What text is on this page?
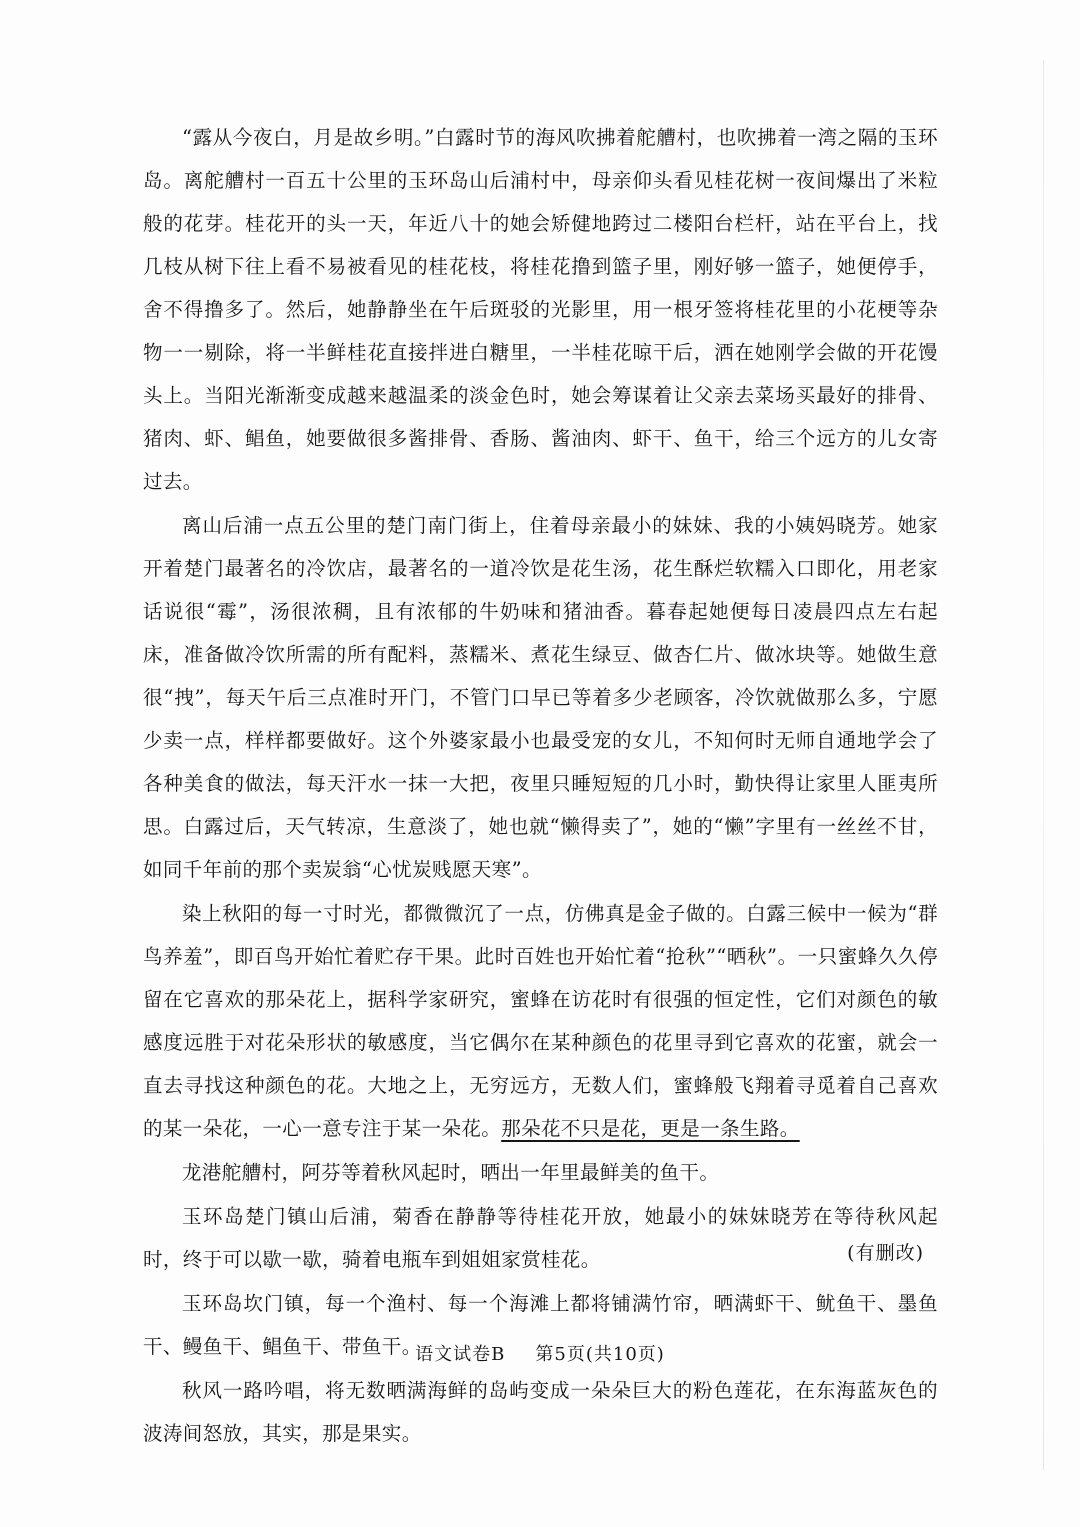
“露从今夜白，月是故乡明。”白露时节的海风吹拂着舵艚村，也吹拂着一湾之隔的玉环岛。离舵艚村一百五十公里的玉环岛山后浦村中，母亲仰头看见桂花树一夜间爆出了米粒般的花芽。桂花开的头一天，年近八十的她会矫健地跨过二楼阳台栏杆，站在平台上，找几枝从树下往上看不易被看见的桂花枝，将桂花撸到篮子里，刚好够一篮子，她便停手，舍不得撸多了。然后，她静静坐在午后斑驳的光影里，用一根牙签将桂花里的小花梗等杂物一一剔除，将一半鲜桂花直接拌进白糖里，一半桂花晾干后，洒在她刚学会做的开花馒头上。当阳光渐渐变成越来越温柔的淡金色时，她会筹谋着让父亲去菜场买最好的排骨、猪肉、虾、鲳鱼，她要做很多酱排骨、香肠、酱油肉、虾干、鱼干，给三个远方的儿女寄过去。

离山后浦一点五公里的楚门南门街上，住着母亲最小的妹妹、我的小姨妈晓芳。她家开着楚门最著名的冷饮店，最著名的一道冷饮是花生汤，花生酥烂软糯入口即化，用老家话说很“霉”，汤很浓稠，且有浓郁的牛奶味和猪油香。暮春起她便每日凌晨四点左右起床，准备做冷饮所需的所有配料，蒸糯米、煮花生绿豆、做杏仁片、做冰块等。她做生意很“拽”，每天午后三点准时开门，不管门口早已等着多少老顾客，冷饮就做那么多，宁愿少卖一点，样样都要做好。这个外婆家最小也最受宠的女儿，不知何时无师自通地学会了各种美食的做法，每天汗水一抹一大把，夜里只睡短短的几小时，勤快得让家里人匪夷所思。白露过后，天气转凉，生意淡了，她也就“懒得卖了”，她的“懒”字里有一丝丝不甘，如同千年前的那个卖炭翁“心忧炭贱愿天寒”。

染上秋阳的每一寸时光，都微微沉了一点，仿佛真是金子做的。白露三候中一候为“群鸟养羞”，即百鸟开始忙着贮存干果。此时百姓也开始忙着“抢秋”“晒秋”。一只蜜蜂久久停留在它喜欢的那朵花上，据科学家研究，蜜蜂在访花时有很强的恒定性，它们对颜色的敏感度远胜于对花朵形状的敏感度，当它偶尔在某种颜色的花里寻到它喜欢的花蜜，就会一直去寻找这种颜色的花。大地之上，无穷远方，无数人们，蜜蜂般飞翔着寻觅着自己喜欢的某一朵花，一心一意专注于某一朵花。那朵花不只是花，更是一条生路。

龙港舵艚村，阿芬等着秋风起时，晒出一年里最鲜美的鱼干。

玉环岛楚门镇山后浦，菊香在静静等待桂花开放，她最小的妹妹晓芳在等待秋风起时，终于可以歇一歇，骑着电瓶车到姐姐家赏桂花。

玉环岛坎门镇，每一个渔村、每一个海滩上都将铺满竹帘，晒满虾干、鱿鱼干、墨鱼干、鳗鱼干、鲳鱼干、带鱼干。

秋风一路吟唱，将无数晒满海鲜的岛屿变成一朵朵巨大的粉色莲花，在东海蓝灰色的波涛间怒放，其实，那是果实。

(有删改)
语文试卷B 第5页(共10页)
